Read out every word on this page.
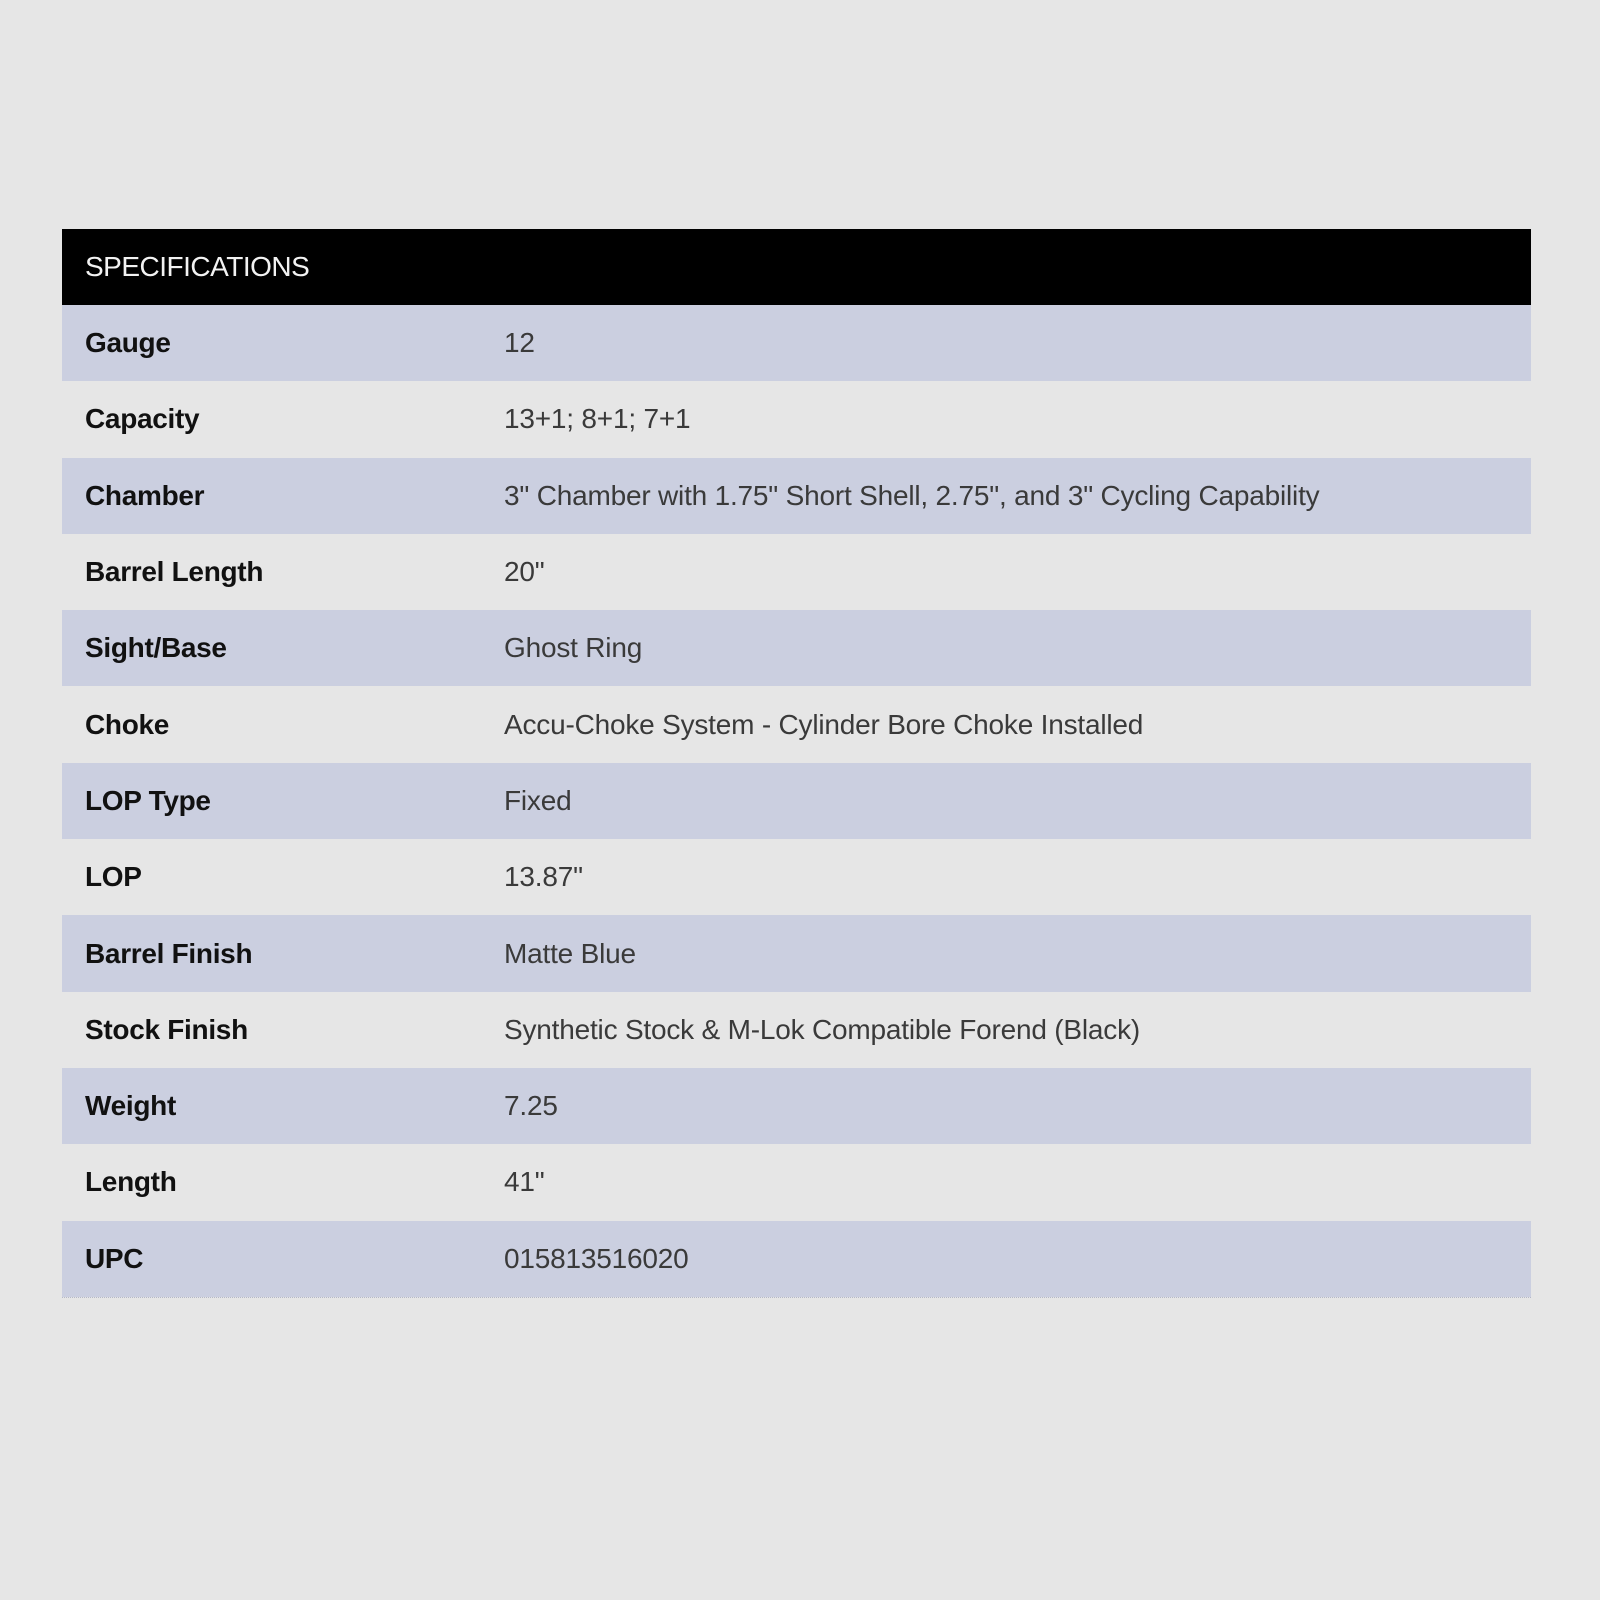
SPECIFICATIONS
Gauge	12
Capacity	13+1; 8+1; 7+1
Chamber	3" Chamber with 1.75" Short Shell, 2.75", and 3" Cycling Capability
Barrel Length	20"
Sight/Base	Ghost Ring
Choke	Accu-Choke System - Cylinder Bore Choke Installed
LOP Type	Fixed
LOP	13.87"
Barrel Finish	Matte Blue
Stock Finish	Synthetic Stock & M-Lok Compatible Forend (Black)
Weight	7.25
Length	41"
UPC	015813516020
